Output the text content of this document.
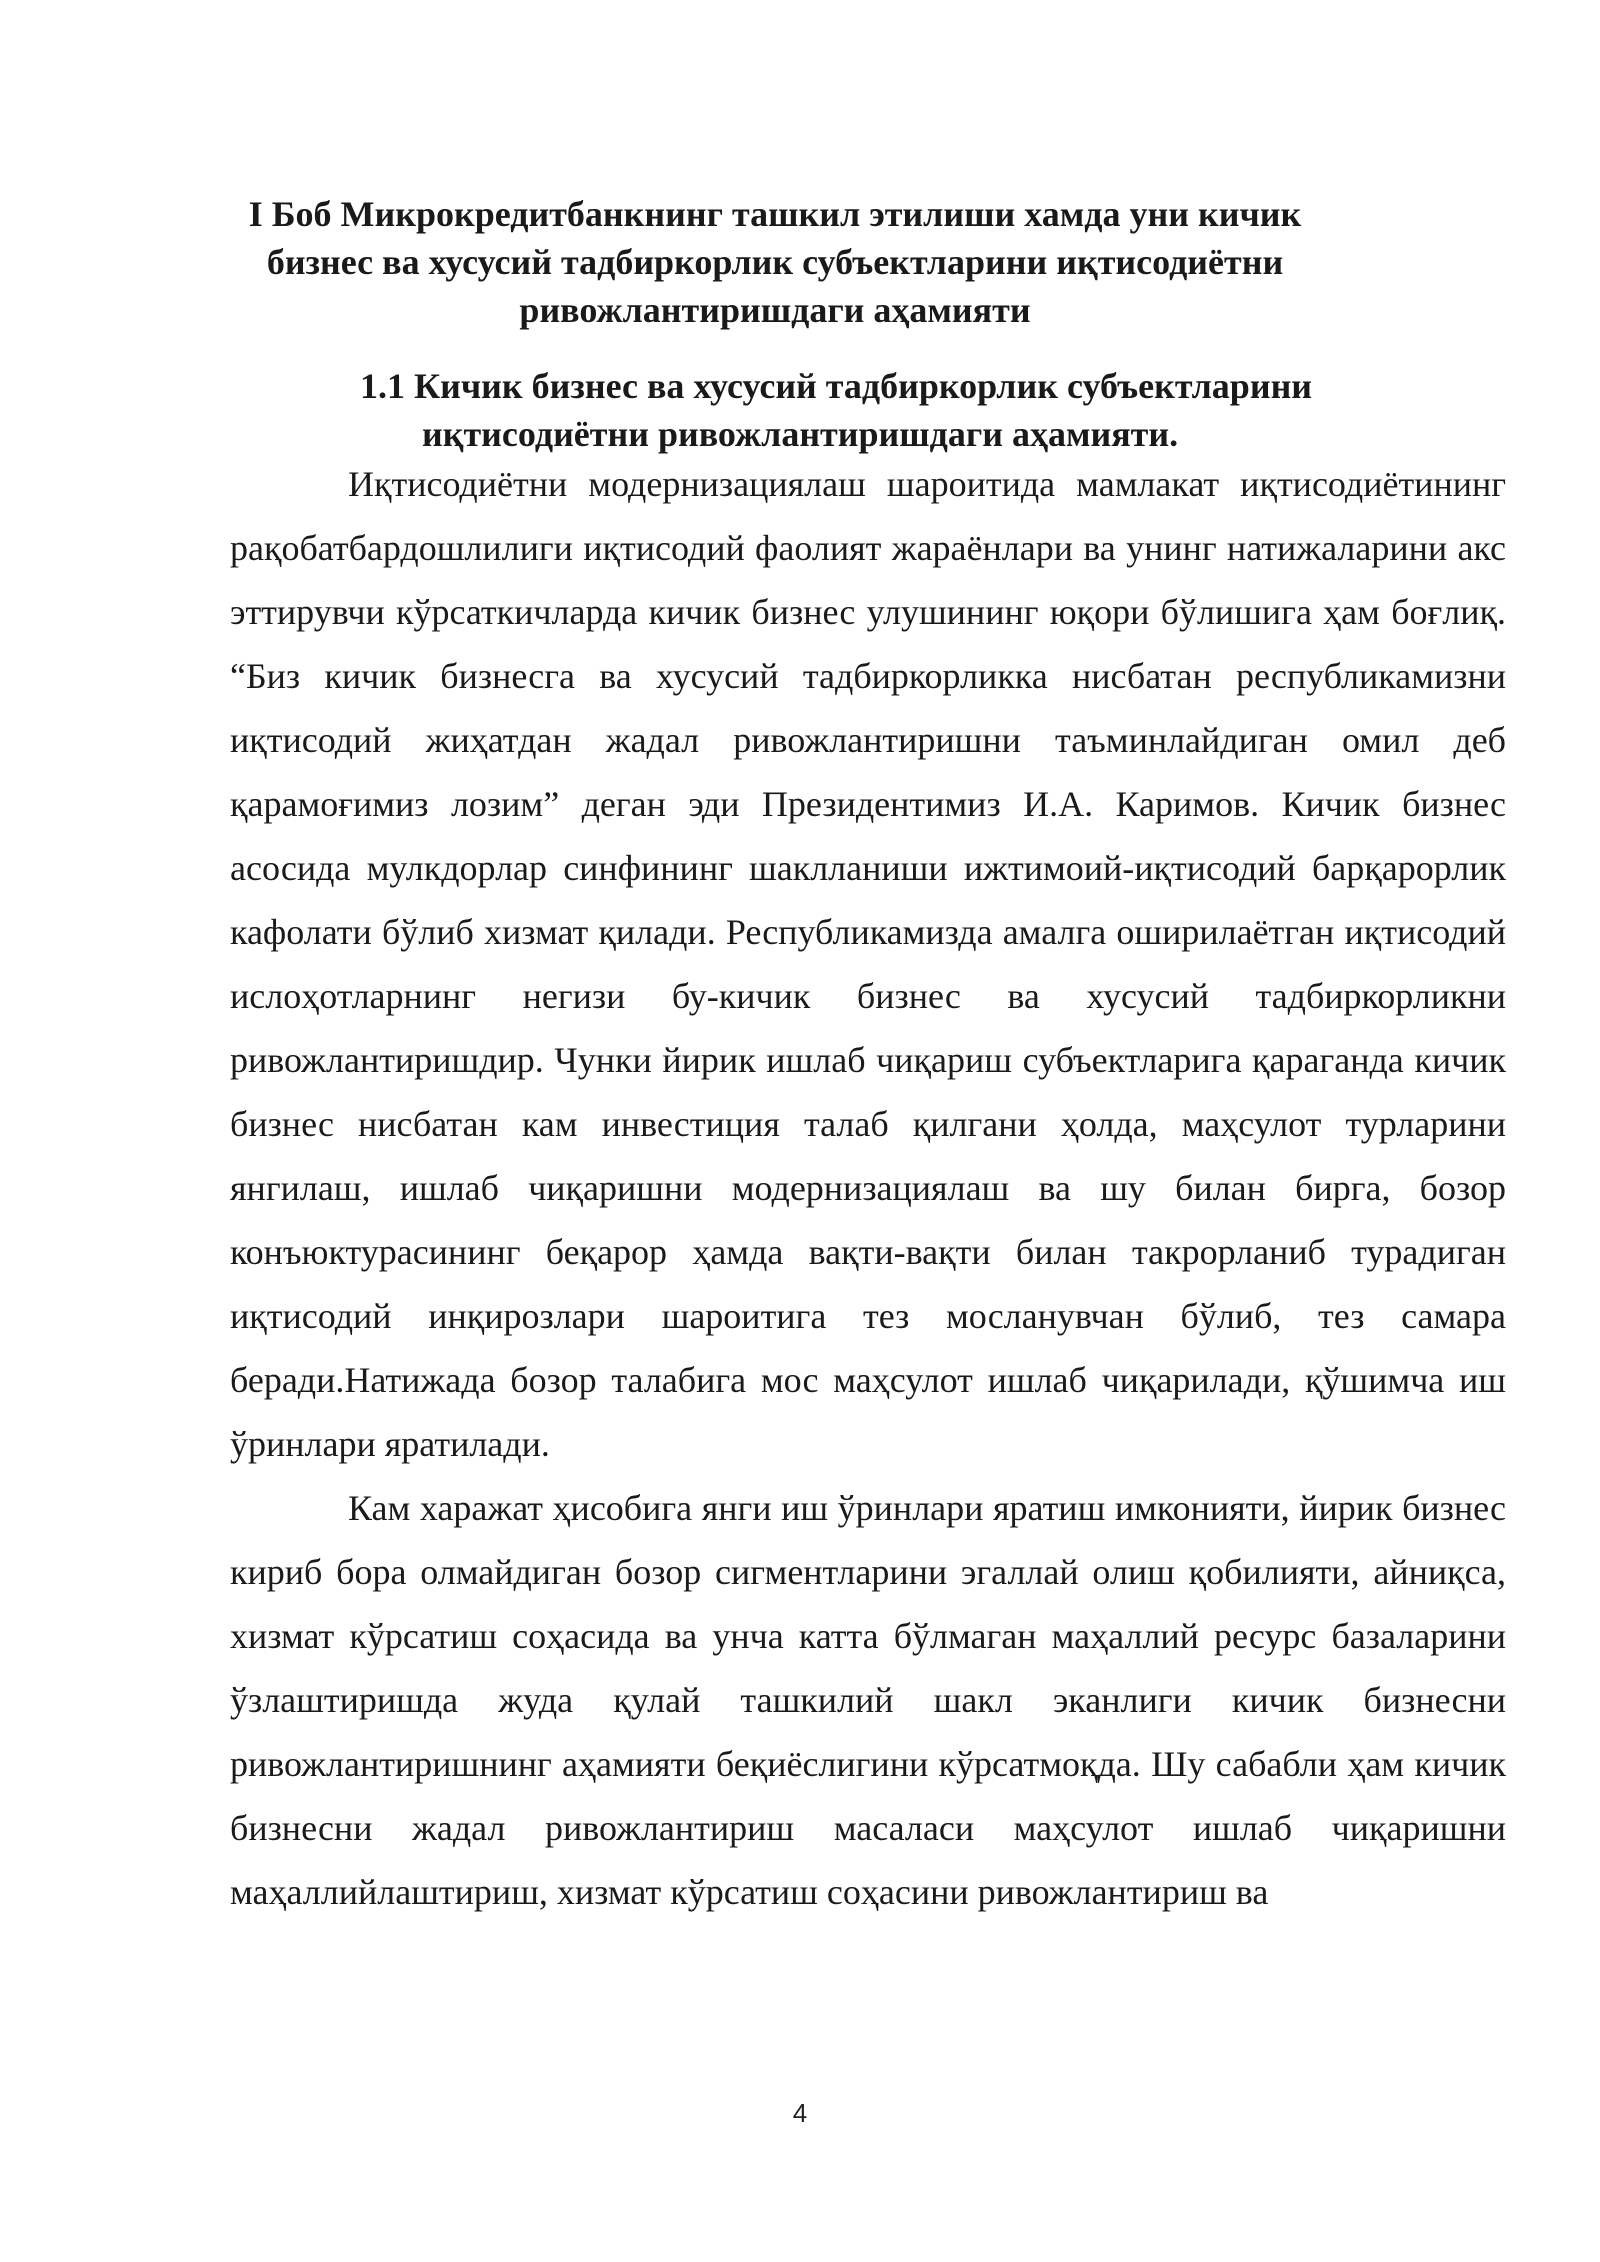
I Боб Микрокредитбанкнинг ташкил этилиши хамда уни кичик бизнес ва хусусий тадбиркорлик субъектларини иқтисодиётни ривожлантиришдаги аҳамияти
1.1 Кичик бизнес ва хусусий тадбиркорлик субъектларини
иқтисодиётни ривожлантиришдаги аҳамияти.

Иқтисодиётни модернизациялаш шароитида мамлакат иқтисодиётининг рақобатбардошлилиги иқтисодий фаолият жараёнлари ва унинг натижаларини акс эттирувчи кўрсаткичларда кичик бизнес улушининг юқори бўлишига ҳам боғлиқ. “Биз кичик бизнесга ва хусусий тадбиркорликка нисбатан республикамизни иқтисодий жиҳатдан жадал ривожлантиришни таъминлайдиган омил деб қарамоғимиз лозим” деган эди Президентимиз И.А. Каримов. Кичик бизнес асосида мулкдорлар синфининг шаклланиши ижтимоий-иқтисодий барқарорлик кафолати бўлиб хизмат қилади. Республикамизда амалга оширилаётган иқтисодий ислоҳотларнинг негизи бу-кичик бизнес ва хусусий тадбиркорликни ривожлантиришдир. Чунки йирик ишлаб чиқариш субъектларига қараганда кичик бизнес нисбатан кам инвестиция талаб қилгани ҳолда, маҳсулот турларини янгилаш, ишлаб чиқаришни модернизациялаш ва шу билан бирга, бозор конъюктурасининг беқарор ҳамда вақти-вақти билан такрорланиб турадиган иқтисодий инқирозлари шароитига тез мосланувчан бўлиб, тез самара беради.Натижада бозор талабига мос маҳсулот ишлаб чиқарилади, қўшимча иш ўринлари яратилади.

Кам харажат ҳисобига янги иш ўринлари яратиш имконияти, йирик бизнес кириб бора олмайдиган бозор сигментларини эгаллай олиш қобилияти, айниқса, хизмат кўрсатиш соҳасида ва унча катта бўлмаган маҳаллий ресурс базаларини ўзлаштиришда жуда қулай ташкилий шакл эканлиги кичик бизнесни ривожлантиришнинг аҳамияти беқиёслигини кўрсатмоқда. Шу сабабли ҳам кичик бизнесни жадал ривожлантириш масаласи маҳсулот ишлаб чиқаришни маҳаллийлаштириш, хизмат кўрсатиш соҳасини ривожлантириш ва

4
